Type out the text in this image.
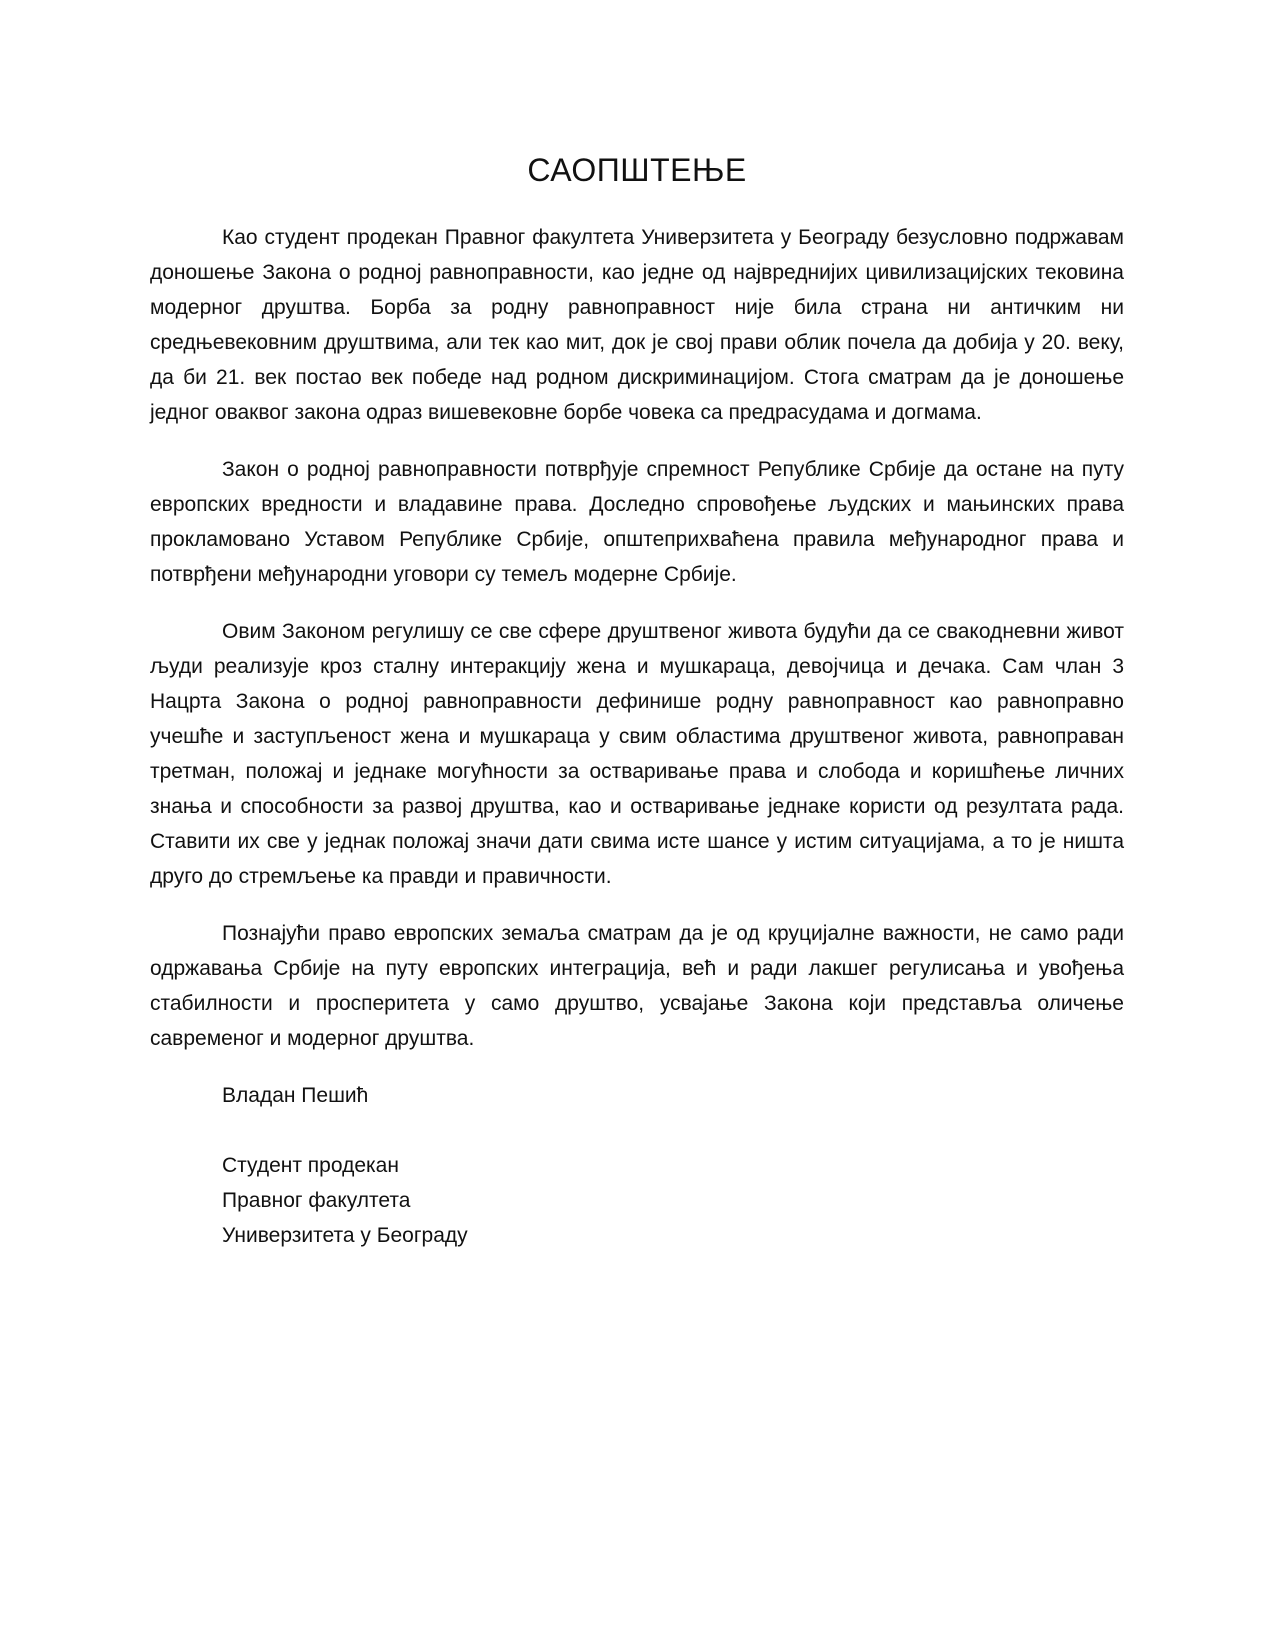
САОПШТЕЊЕ

Као студент продекан Правног факултета Универзитета у Београду безусловно подржавам доношење Закона о родној равноправности, као једне од највреднијих цивилизацијских тековина модерног друштва. Борба за родну равноправност није била страна ни античким ни средњевековним друштвима, али тек као мит, док је свој прави облик почела да добија у 20. веку, да би 21. век постао век победе над родном дискриминацијом. Стога сматрам да је доношење једног оваквог закона одраз вишевековне борбе човека са предрасудама и догмама.

Закон о родној равноправности потврђује спремност Републике Србије да остане на путу европских вредности и владавине права. Доследно спровођење људских и мањинских права прокламовано Уставом Републике Србије, општеприхваћена правила међународног права и потврђени међународни уговори су темељ модерне Србије.

Овим Законом регулишу се све сфере друштвеног живота будући да се свакодневни живот људи реализује кроз сталну интеракцију жена и мушкараца, девојчица и дечака. Сам члан 3 Нацрта Закона о родној равноправности дефинише родну равноправност као равноправно учешће и заступљеност жена и мушкараца у свим областима друштвеног живота, равноправан третман, положај и једнаке могућности за остваривање права и слобода и коришћење личних знања и способности за развој друштва, као и остваривање једнаке користи од резултата рада. Ставити их све у једнак положај значи дати свима исте шансе у истим ситуацијама, а то је ништа друго до стремљење ка правди и правичности.

Познајући право европских земаља сматрам да је од круцијалне важности, не само ради одржавања Србије на путу европских интеграција, већ и ради лакшег регулисања и увођења стабилности и просперитета у само друштво, усвајање Закона који представља оличење савременог и модерног друштва.

Владан Пешић

Студент продекан
Правног факултета
Универзитета у Београду
